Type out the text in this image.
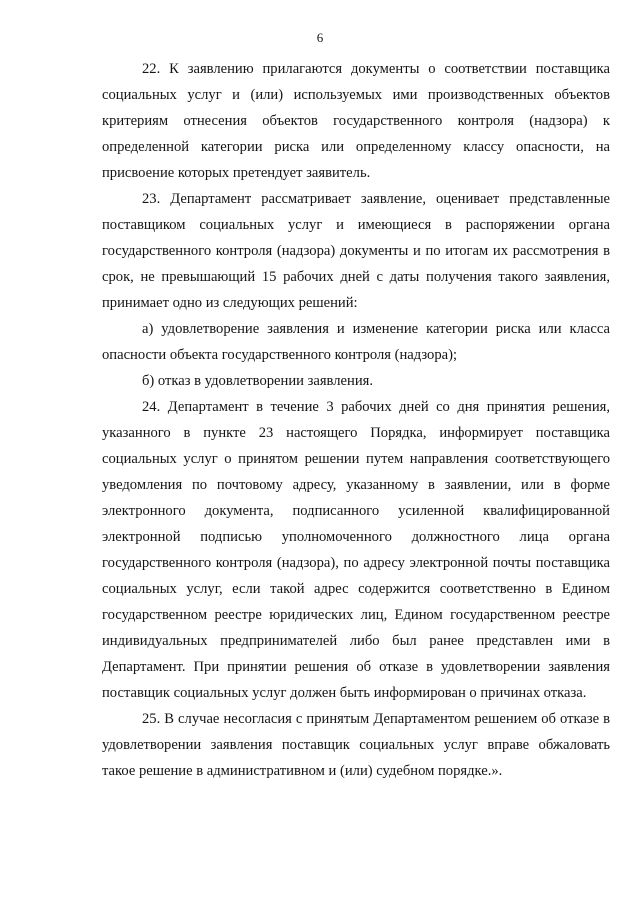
6

22. К заявлению прилагаются документы о соответствии поставщика социальных услуг и (или) используемых ими производственных объектов критериям отнесения объектов государственного контроля (надзора) к определенной категории риска или определенному классу опасности, на присвоение которых претендует заявитель.

23. Департамент рассматривает заявление, оценивает представленные поставщиком социальных услуг и имеющиеся в распоряжении органа государственного контроля (надзора) документы и по итогам их рассмотрения в срок, не превышающий 15 рабочих дней с даты получения такого заявления, принимает одно из следующих решений:

а) удовлетворение заявления и изменение категории риска или класса опасности объекта государственного контроля (надзора);

б) отказ в удовлетворении заявления.

24. Департамент в течение 3 рабочих дней со дня принятия решения, указанного в пункте 23 настоящего Порядка, информирует поставщика социальных услуг о принятом решении путем направления соответствующего уведомления по почтовому адресу, указанному в заявлении, или в форме электронного документа, подписанного усиленной квалифицированной электронной подписью уполномоченного должностного лица органа государственного контроля (надзора), по адресу электронной почты поставщика социальных услуг, если такой адрес содержится соответственно в Едином государственном реестре юридических лиц, Едином государственном реестре индивидуальных предпринимателей либо был ранее представлен ими в Департамент. При принятии решения об отказе в удовлетворении заявления поставщик социальных услуг должен быть информирован о причинах отказа.

25. В случае несогласия с принятым Департаментом решением об отказе в удовлетворении заявления поставщик социальных услуг вправе обжаловать такое решение в административном и (или) судебном порядке.».
